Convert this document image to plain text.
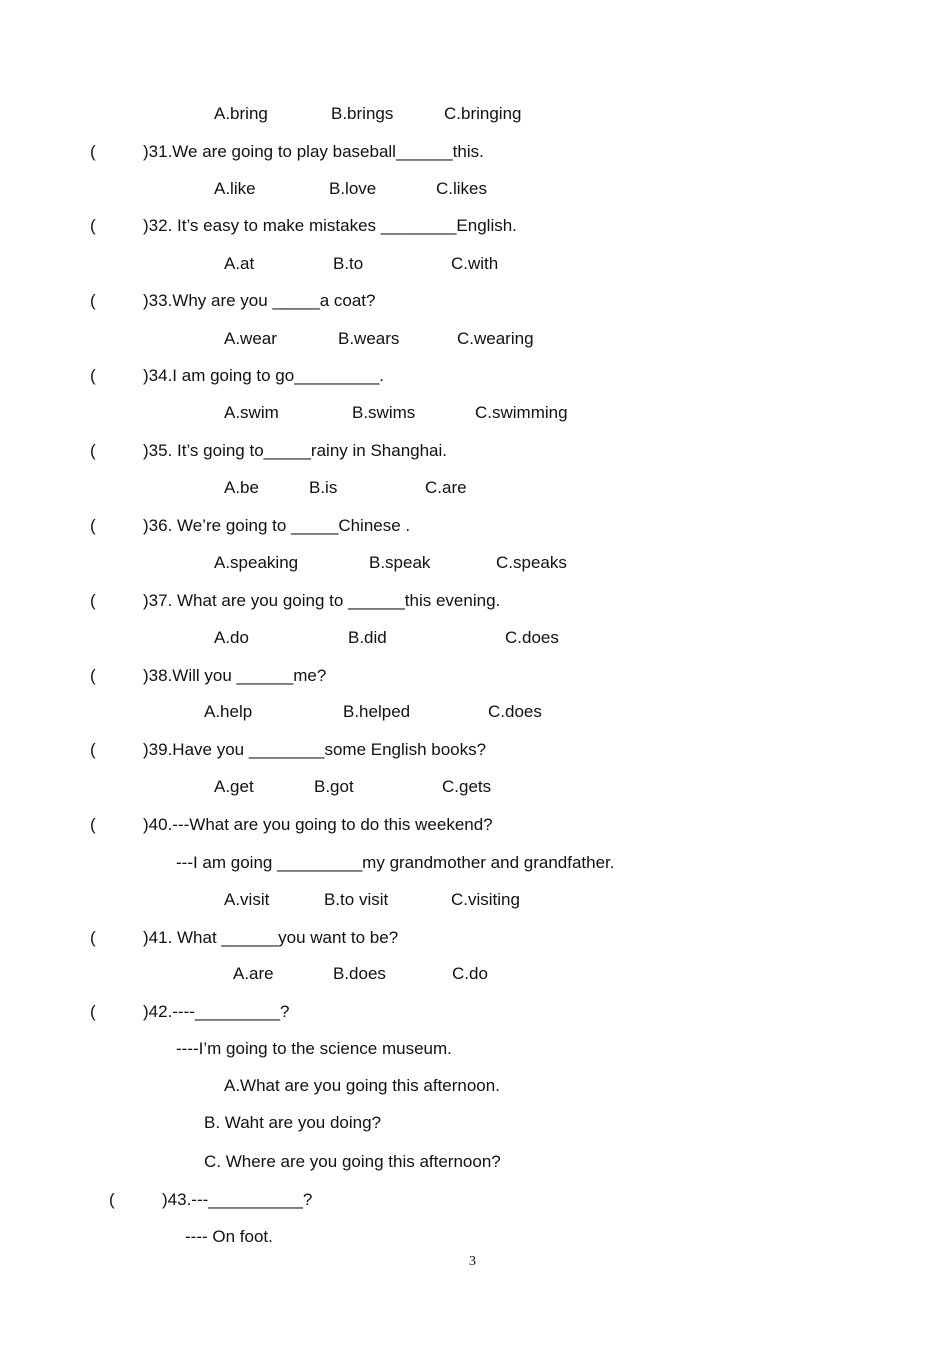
A.bring	B.brings	C.bringing
(	)31.We are going to play baseball______this.
A.like	B.love	C.likes
(	)32. It’s easy to make mistakes ________English.
A.at	B.to	C.with
(	)33.Why are you _____a coat?
A.wear	B.wears	C.wearing
(	)34.I am going to go_________.
A.swim	B.swims	C.swimming
(	)35. It’s going to_____rainy in Shanghai.
A.be	B.is	C.are
(	)36. We’re going to _____Chinese .
A.speaking	B.speak	C.speaks
(	)37. What are you going to ______this evening.
A.do	B.did	C.does
(	)38.Will you ______me?
A.help	B.helped	C.does
(	)39.Have you ________some English books?
A.get	B.got	C.gets
(	)40.---What are you going to do this weekend?
---I am going _________my grandmother and grandfather.
A.visit	B.to visit	C.visiting
(	)41. What ______you want to be?
A.are	B.does	C.do
(	)42.----_________?
----I’m going to the science museum.
A.What are you going this afternoon.
B. Waht are you doing?
C. Where are you going this afternoon?
(	)43.---__________?
---- On foot.
3
